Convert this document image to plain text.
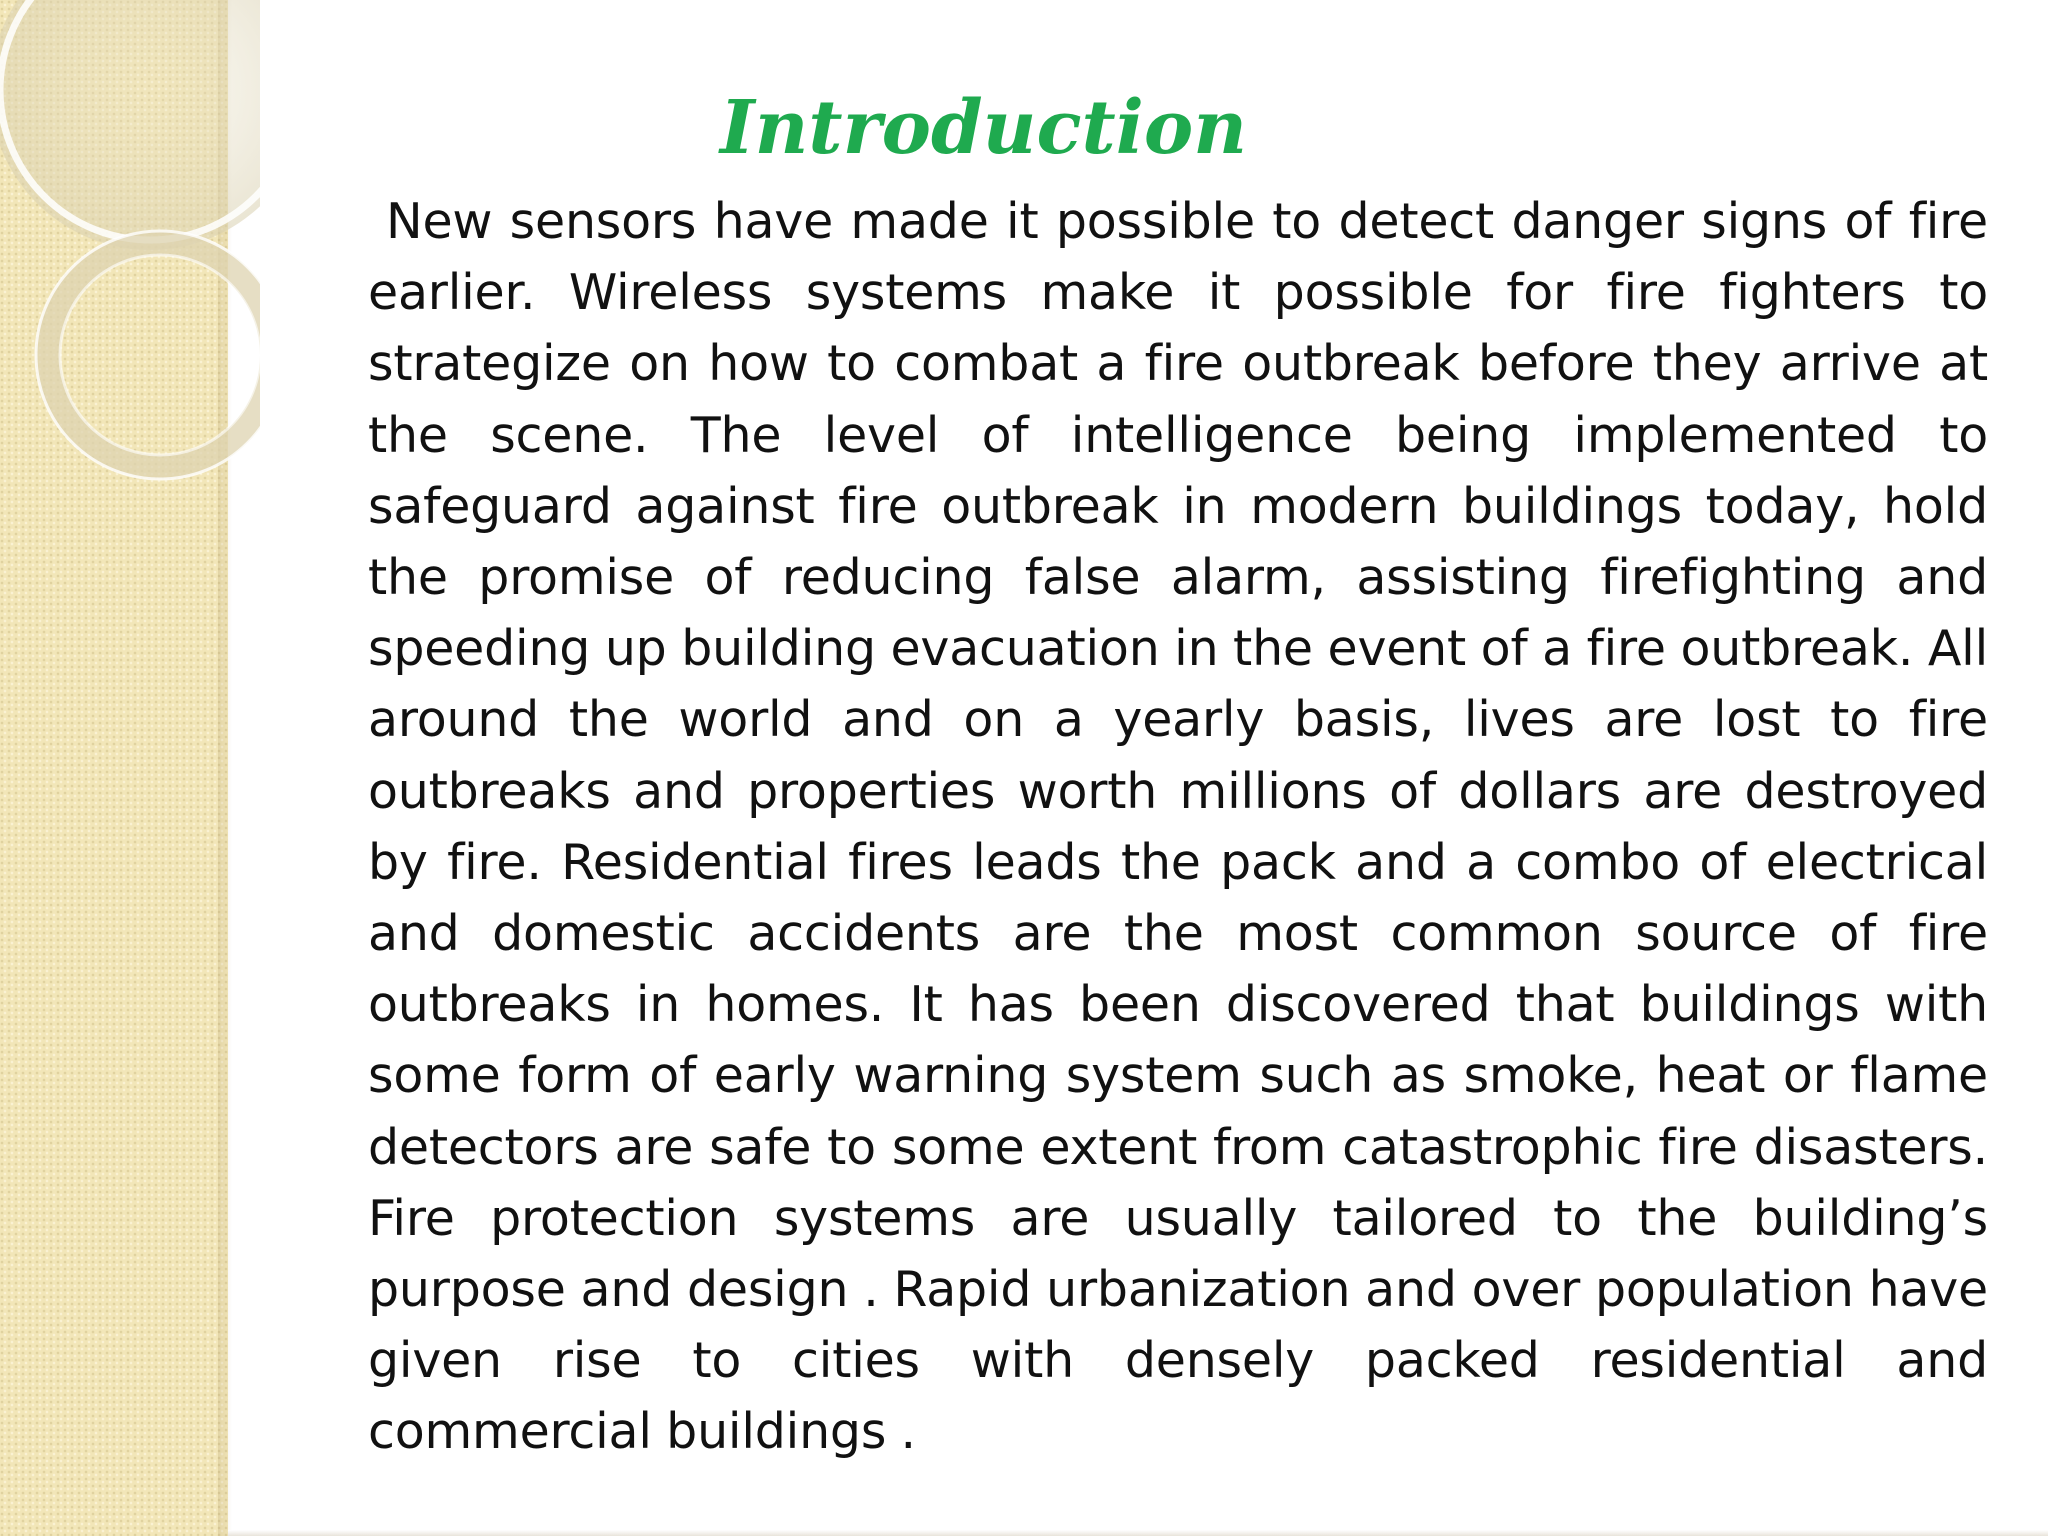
Introduction

New sensors have made it possible to detect danger signs of fire earlier. Wireless systems make it possible for fire fighters to strategize on how to combat a fire outbreak before they arrive at the scene. The level of intelligence being implemented to safeguard against fire outbreak in modern buildings today, hold the promise of reducing false alarm, assisting firefighting and speeding up building evacuation in the event of a fire outbreak. All around the world and on a yearly basis, lives are lost to fire outbreaks and properties worth millions of dollars are destroyed by fire. Residential fires leads the pack and a combo of electrical and domestic accidents are the most common source of fire outbreaks in homes. It has been discovered that buildings with some form of early warning system such as smoke, heat or flame detectors are safe to some extent from catastrophic fire disasters. Fire protection systems are usually tailored to the building’s purpose and design . Rapid urbanization and over population have given rise to cities with densely packed residential and commercial buildings .
